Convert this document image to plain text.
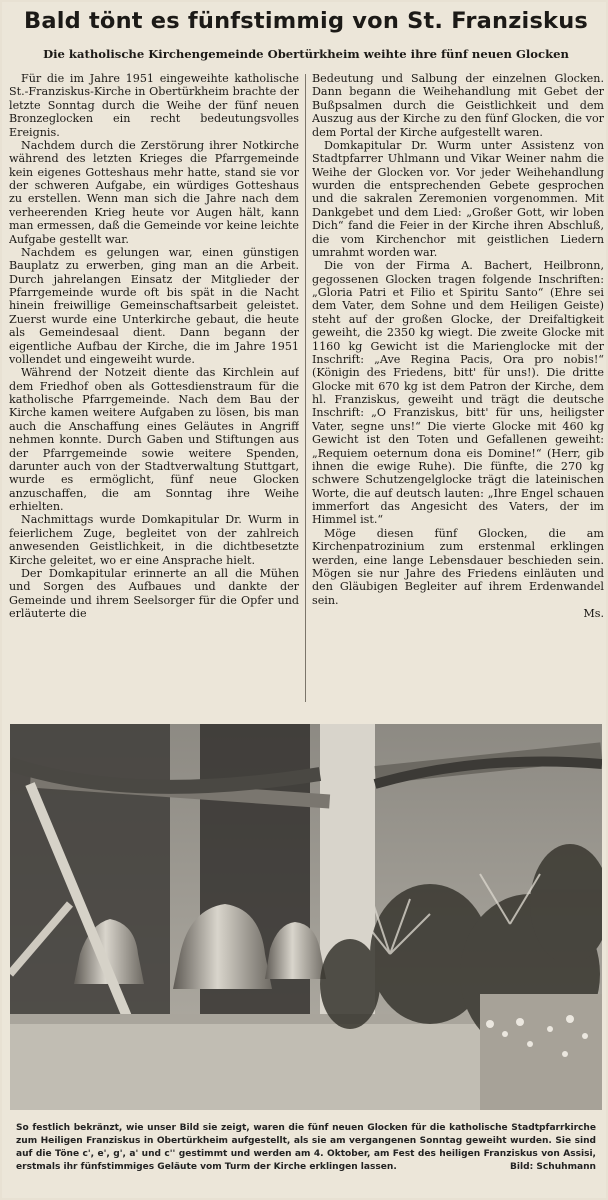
Bald tönt es fünfstimmig von St. Franziskus
Die katholische Kirchengemeinde Obertürkheim weihte ihre fünf neuen Glocken

Für die im Jahre 1951 eingeweihte katholische St.-Franziskus-Kirche in Obertürkheim brachte der letzte Sonntag durch die Weihe der fünf neuen Bronzeglocken ein recht bedeutungsvolles Ereignis.

Nachdem durch die Zerstörung ihrer Notkirche während des letzten Krieges die Pfarrgemeinde kein eigenes Gotteshaus mehr hatte, stand sie vor der schweren Aufgabe, ein würdiges Gotteshaus zu erstellen. Wenn man sich die Jahre nach dem verheerenden Krieg heute vor Augen hält, kann man ermessen, daß die Gemeinde vor keine leichte Aufgabe gestellt war.

Nachdem es gelungen war, einen günstigen Bauplatz zu erwerben, ging man an die Arbeit. Durch jahrelangen Einsatz der Mitglieder der Pfarrgemeinde wurde oft bis spät in die Nacht hinein freiwillige Gemeinschaftsarbeit geleistet. Zuerst wurde eine Unterkirche gebaut, die heute als Gemeindesaal dient. Dann begann der eigentliche Aufbau der Kirche, die im Jahre 1951 vollendet und eingeweiht wurde.

Während der Notzeit diente das Kirchlein auf dem Friedhof oben als Gottesdienstraum für die katholische Pfarrgemeinde. Nach dem Bau der Kirche kamen weitere Aufgaben zu lösen, bis man auch die Anschaffung eines Geläutes in Angriff nehmen konnte. Durch Gaben und Stiftungen aus der Pfarrgemeinde sowie weitere Spenden, darunter auch von der Stadtverwaltung Stuttgart, wurde es ermöglicht, fünf neue Glocken anzuschaffen, die am Sonntag ihre Weihe erhielten.

Nachmittags wurde Domkapitular Dr. Wurm in feierlichem Zuge, begleitet von der zahlreich anwesenden Geistlichkeit, in die dichtbesetzte Kirche geleitet, wo er eine Ansprache hielt.

Der Domkapitular erinnerte an all die Mühen und Sorgen des Aufbaues und dankte der Gemeinde und ihrem Seelsorger für die Opfer und erläuterte die

Bedeutung und Salbung der einzelnen Glocken. Dann begann die Weihehandlung mit Gebet der Bußpsalmen durch die Geistlichkeit und dem Auszug aus der Kirche zu den fünf Glocken, die vor dem Portal der Kirche aufgestellt waren.

Domkapitular Dr. Wurm unter Assistenz von Stadtpfarrer Uhlmann und Vikar Weiner nahm die Weihe der Glocken vor. Vor jeder Weihehandlung wurden die entsprechenden Gebete gesprochen und die sakralen Zeremonien vorgenommen. Mit Dankgebet und dem Lied: „Großer Gott, wir loben Dich“ fand die Feier in der Kirche ihren Abschluß, die vom Kirchenchor mit geistlichen Liedern umrahmt worden war.

Die von der Firma A. Bachert, Heilbronn, gegossenen Glocken tragen folgende Inschriften: „Gloria Patri et Filio et Spiritu Santo“ (Ehre sei dem Vater, dem Sohne und dem Heiligen Geiste) steht auf der großen Glocke, der Dreifaltigkeit geweiht, die 2350 kg wiegt. Die zweite Glocke mit 1160 kg Gewicht ist die Marienglocke mit der Inschrift: „Ave Regina Pacis, Ora pro nobis!“ (Königin des Friedens, bitt' für uns!). Die dritte Glocke mit 670 kg ist dem Patron der Kirche, dem hl. Franziskus, geweiht und trägt die deutsche Inschrift: „O Franziskus, bitt' für uns, heiligster Vater, segne uns!“ Die vierte Glocke mit 460 kg Gewicht ist den Toten und Gefallenen geweiht: „Requiem oeternum dona eis Domine!“ (Herr, gib ihnen die ewige Ruhe). Die fünfte, die 270 kg schwere Schutzengelglocke trägt die lateinischen Worte, die auf deutsch lauten: „Ihre Engel schauen immerfort das Angesicht des Vaters, der im Himmel ist.“

Möge diesen fünf Glocken, die am Kirchenpatrozinium zum erstenmal erklingen werden, eine lange Lebensdauer beschieden sein. Mögen sie nur Jahre des Friedens einläuten und den Gläubigen Begleiter auf ihrem Erdenwandel sein.

Ms.

So festlich bekränzt, wie unser Bild sie zeigt, waren die fünf neuen Glocken für die katholische Stadtpfarrkirche zum Heiligen Franziskus in Obertürkheim aufgestellt, als sie am vergangenen Sonntag geweiht wurden. Sie sind auf die Töne c', e', g', a' und c'' gestimmt und werden am 4. Oktober, am Fest des heiligen Franziskus von Assisi, erstmals ihr fünfstimmiges Geläute vom Turm der Kirche erklingen lassen.	Bild: Schuhmann
